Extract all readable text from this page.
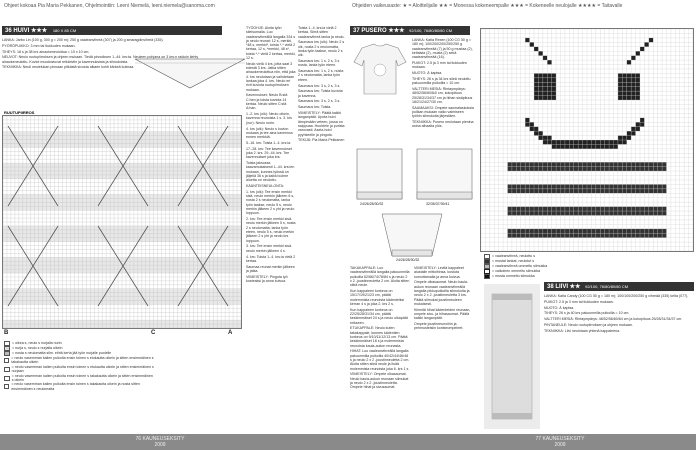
Ohjeet kokoaa Pia Maria Pekkanen, Ohjelmointiin: Leeni Niemelä, leeni.niemela@sanoma.com	Ohjeiden vaikeusaste: ★ = Aloittelijalle ★★ = Monessa kokeneempalle ★★★ = Kokeneelle neulojalle ★★★★ = Taitavalle
36 HUIVI ★★★ 180 X 85 CM

LANKA: Jarbo Lin (100 g, 300 g = 200 m); 250 g vaaleanvihreä (307) ja 200 g smaragdinvihreä (335).

PYÖRÖPUIKKO: 3 mm tai tiukkuden mukaan.

TIHEYS: 18 s ja 38 krs ainaokeneulottua = 10 x 10 cm.

NEUVOT: Neulo ruutupiirroksen ja ohjeen mukaan. Tiedä pinnoiksen 1.-44. krs:ta. Neuleen pohjana on 3 krs:n raidoin liehty ainaokeneulottu. Kuviot muodostuvat reikäriviin ja kavennuksista ja silmukoista.

TEKNIIKKA: Neuli neulelukan pinnaan pitkästä sivusta alkaen kohti kärkeä kulmaa.

RUUTUPIIRROS
B	C	A
= oikea s, neulo s nurjalla nurin
= nurja s, neulo s nurjalla oikein
= nosta s neulomatta silm. eihtä kerta jää työn nurjalle puolelle
= neulo vasemman kalien puikolta ensin toinen s etukautta oikein ja sitten ensimmäinen s takakautta oikein
= neulo vasemman kalien puikolta ensin toinen s etukautta oikein ja sitten ensimmäinen s nurjaan
= neulo vasemman kalien puikolta ensin toinen s takakautta oikein ja sitten ensimmäinen s oikein
= neulo vasemman kalien puikolta ensin toinen s takakautta oikein ja nosta sitten ensimmäinen s neulomatta

TYÖOHJE: Aloita työn sileisumalla. Luo vaaleanvihreällä langalla 334 s ja neulo reunat: 12 s, merkki, *48 s, merkki*, toista *-* vielä 2 kertaa, 12 s, *merkki, 48 s*, toista *-* vielä 2 kertaa, merkki, 12 s.

Neulo vielä 4 krs, jotta saat 3 edestä 3 krs. Jatka sitten ainaokeneulottua niin, että joka 4. krs neulotaan ja vaihdetaan lankaa joka 4. krs. Neulo eri rivit kuviota ruutupiirroksen mukaan.

Kavennukset: Neulo B:stä C:hen ja toista kuviota 14 kertaa. Neulo sitten C:stä A:han.

1.-2. krs (oik): Neulo oikein, kavenna reunoista 1 s. 3. krs (nur): Neulo nurin.

4. krs (oik): Neulo s kuvion mukaan ja tee aina kavennus ennen merkkiä.

5.-16. krs: Toista 1.-4. krs:ia.

17.-28. krs: Tee kavennukset joka 2. krs. 29.-44. krs: Tee kavennukset joka krs.

Toista jaksossa kaavamukaisesti 1.-44. krs:ien mukaan, kunnes työssä on jäljellä 36 s ja kaikki kolme aluetta on neulottu.

KÄÄNTEISNEULONTA:

1. krs (oik): Tee ensin merkki sisä. neulo merkin jälkeen 6 s, nosta 2 s neulomatta, lanka työn taakse, neulo 5 s, neulo merkin jälkeen 2 s yht ja neulo loppuun.

2. krs: Tee ensin merkki sisä. neulo merkin jälkeen 5 s, nosta 2 s neulomatta, lanka työn eteen, neulo 5 s, neulo merkin jälkeen 2 s yht ja neulo krs loppuun.

3. krs: Tee ensin merkki sisä. neulo merkin jälkeen 4 s.

4. krs: Toista 1.-4. krs:ia vielä 2 kertaa.

Saumaa reunat merkin jälkeen ja jatka.

VIIMEISTELY: Pingota työ kosteaksi ja anna kuivua.

Toista 1.-4. krs:ia vielä 2 kertaa. Siirrä sitten vaaleanvihreä lanka ja neulo.

Saumaus krs (oik): Neulo 2 s oik, nosta 2 s neulomatta, lanka työn taakse, neulo 2 s oik.

Saumaus krs: 1 s, 2 s, 3 s nosta, lanka työn eteen.

Saumaus krs: 1 s, 2 s, nosta 2 s neulomatta, lanka työn eteen.

Saumaus krs: 3 s, 2 s, 3 s.

Saumaus krs: Toista kuviota ja kavenna.

Saumaus krs: 3 s, 2 s, 3 s.

Saumaus krs: Toista.

VIIMEISTELY: Päätä kaikki langanpäät. Upota huivi lämpimään veteen, jossa on saippuaa. Huuhtele ja purista varovasti. Aseta huivi pyyhkeelle ja pingota.

TEKIJÄ: Pia Maria Pekkanen

37 PUSERO ★★★ 92/100, 76/80/80/80 CM

LANKA: Katia Rexen (100 CG 50 g = 180 m); 100/200/200/250/250 g vaaleanvihreää (7) ja 50 g mustaa (2), keltaista (2), musta (2) sekä vaaleanvihreää (16).

PUIKOT: 2.5 ja 3 mm tai tiukkuden mukaan.

MUOTO: Ä kaptsa.

TIHEYS: 26 s ja 34 krs sileä neulottu pakuunmilla puikoilla = 10 cm.

VALTTERI MESIÄ: Rintaympärys: 48/52/56/60/64/ cm, kokopituus 25/28/31/34/37 cm ja hihan sisäpituus 18/21/24/27/30 cm.

SAAMAAKSI: Ompele saumalaskoksia pulikan mukaan vaiko valmiseen työhin silmukoita järjestäen.

TEKNIIKKA: Pusero neulotaan pienina osina alhaalta ylös.

24/26/28/30/32	32/35/37/39/41
24/26/28/30/32

TAKAKAPPALE: Luo vaaleanvihreällä langalla pakuunmilla puikoilla 62/66/74/78/84 s ja neulo 2 x 2 -joustinneuletta 2 cm. Aloita sitten sileä neule.

Kun kappaleen korkeus on 15/17/19/21/23 cm, päätä molemmista reunoista kädenteiksi kerran 4 s ja joka 2. krs 2 s.

Kun kappaleen korkeus on 22/25/28/31/34 cm, päätä keskimmäiset 24 s ja neulo olkapäät erikseen.

ETUKAPPALE: Neulo kuten takakappale, kunnes kädentien korkeus on 9/10/11/12/13 cm. Päätä keskimmäiset 18 s ja molemmista reunoista kaula-aukon reunasta.

HIHAT: Luo vaaleanvihreällä langalla pakuunmilla puikoilla 40/42/44/46/48 s ja neulo 2 x 2 -joustinneuletta 2 cm. Aloita sitten sileä neule ja lisää molemmista reunoista joka 6. krs 1 s.

VIIMEISTELY: Ompele olkasaumat. Neulo kaula-aukon reunaan silmukat ja neulo 2 x 2 -joustinneuletta. Ompele hihat ja sivusaumat.

VIIMEISTELY: Levitä kappaleet alustalle mittoihinsa, kostuta sumuttamalla ja anna kuivua.

Ompele olkasaumat. Neulo kaula-aukon reunaan vaaleanvihreällä langalla pikkupuikoilla silmukoita ja neulo 2 x 2 -joustinneuletta 3 krs. Päätä silmukat joustinneuleen mukaisesti.

Kiinnitä hihat kädenteiden reunaan, ompele sivu- ja hihasaumat. Päätä kaikki langanpäät.

Ompele joustinreunoihin ja pehmusteisiin koristeompeleet.

= vaaleanvihreä, neulottu s
= mustat lankat, neulotut s
= vaaleanvihreä ommeltu silmukka
= valkoinen ommeltu silmukka
= musta ommeltu silmukka
38 LIIVI ★★ 92/100, 76/80/80/80 CM

LANKA: Katia Candy (100 CG 50 g = 180 m); 100/100/200/250 g vihreää (335) kelta (077).

PUIKOT: 2.5 ja 3 mm tai tiukkuden mukaan.

MUOTO: Ä kaptsa.

TIHEYS: 26 s ja 40 krs pakuunmilla puikoilla = 10 cm.

VALTTERI MESIÄ: Rintaympärys: 48/52/56/60/64 cm ja kokopituus 25/28/31/34/37 cm.

PINTANEULE: Neulo ruutupiirroksen ja ohjeen mukaan.

TEKNIIKKA: Liivi neulotaan yhtenä kappaleena.

76 KAUNEUSEKSITY 2009
77 KAUNEUSEKSITY 2009
